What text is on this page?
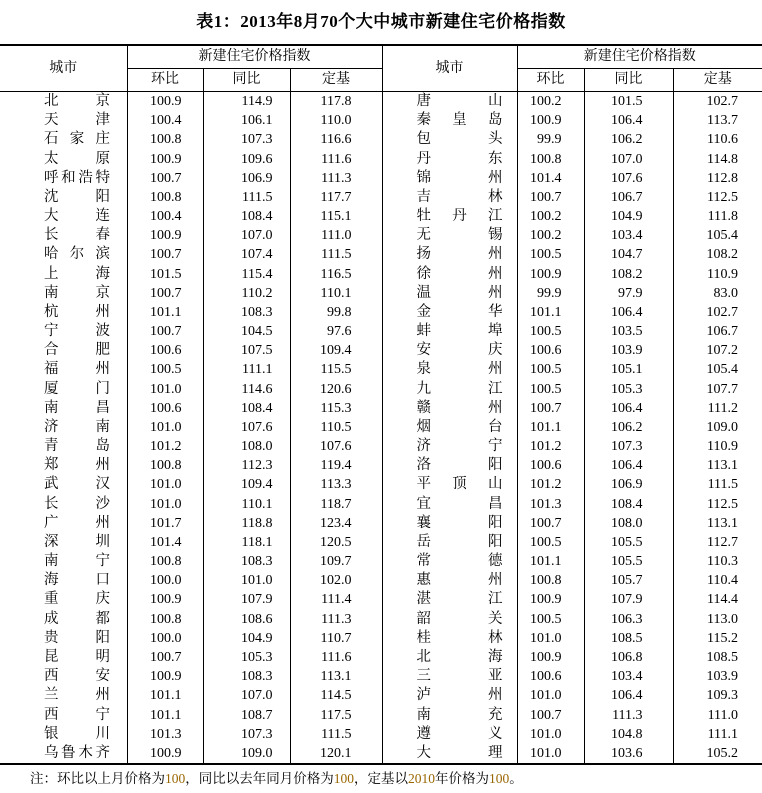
表1：2013年8月70个大中城市新建住宅价格指数
城市	新建住宅价格指数			城市	新建住宅价格指数		
	环比	同比	定基		环比	同比	定基

北 京	100.9	114.9	117.8	唐 山	100.2	101.5	102.7

天 津	100.4	106.1	110.0	秦 皇 岛	100.9	106.4	113.7

石 家 庄	100.8	107.3	116.6	包 头	99.9	106.2	110.6

太 原	100.9	109.6	111.6	丹 东	100.8	107.0	114.8

呼 和 浩 特	100.7	106.9	111.3	锦 州	101.4	107.6	112.8

沈 阳	100.8	111.5	117.7	吉 林	100.7	106.7	112.5

大 连	100.4	108.4	115.1	牡 丹 江	100.2	104.9	111.8

长 春	100.9	107.0	111.0	无 锡	100.2	103.4	105.4

哈 尔 滨	100.7	107.4	111.5	扬 州	100.5	104.7	108.2

上 海	101.5	115.4	116.5	徐 州	100.9	108.2	110.9

南 京	100.7	110.2	110.1	温 州	99.9	97.9	83.0

杭 州	101.1	108.3	99.8	金 华	101.1	106.4	102.7

宁 波	100.7	104.5	97.6	蚌 埠	100.5	103.5	106.7

合 肥	100.6	107.5	109.4	安 庆	100.6	103.9	107.2

福 州	100.5	111.1	115.5	泉 州	100.5	105.1	105.4

厦 门	101.0	114.6	120.6	九 江	100.5	105.3	107.7

南 昌	100.6	108.4	115.3	赣 州	100.7	106.4	111.2

济 南	101.0	107.6	110.5	烟 台	101.1	106.2	109.0

青 岛	101.2	108.0	107.6	济 宁	101.2	107.3	110.9

郑 州	100.8	112.3	119.4	洛 阳	100.6	106.4	113.1

武 汉	101.0	109.4	113.3	平 顶 山	101.2	106.9	111.5

长 沙	101.0	110.1	118.7	宜 昌	101.3	108.4	112.5

广 州	101.7	118.8	123.4	襄 阳	100.7	108.0	113.1

深 圳	101.4	118.1	120.5	岳 阳	100.5	105.5	112.7

南 宁	100.8	108.3	109.7	常 德	101.1	105.5	110.3

海 口	100.0	101.0	102.0	惠 州	100.8	105.7	110.4

重 庆	100.9	107.9	111.4	湛 江	100.9	107.9	114.4

成 都	100.8	108.6	111.3	韶 关	100.5	106.3	113.0

贵 阳	100.0	104.9	110.7	桂 林	101.0	108.5	115.2

昆 明	100.7	105.3	111.6	北 海	100.9	106.8	108.5

西 安	100.9	108.3	113.1	三 亚	100.6	103.4	103.9

兰 州	101.1	107.0	114.5	泸 州	101.0	106.4	109.3

西 宁	101.1	108.7	117.5	南 充	100.7	111.3	111.0

银 川	101.3	107.3	111.5	遵 义	101.0	104.8	111.1

乌 鲁 木 齐	100.9	109.0	120.1	大 理	101.0	103.6	105.2
注：环比以上月价格为100，同比以去年同月价格为100，定基以2010年价格为100。
